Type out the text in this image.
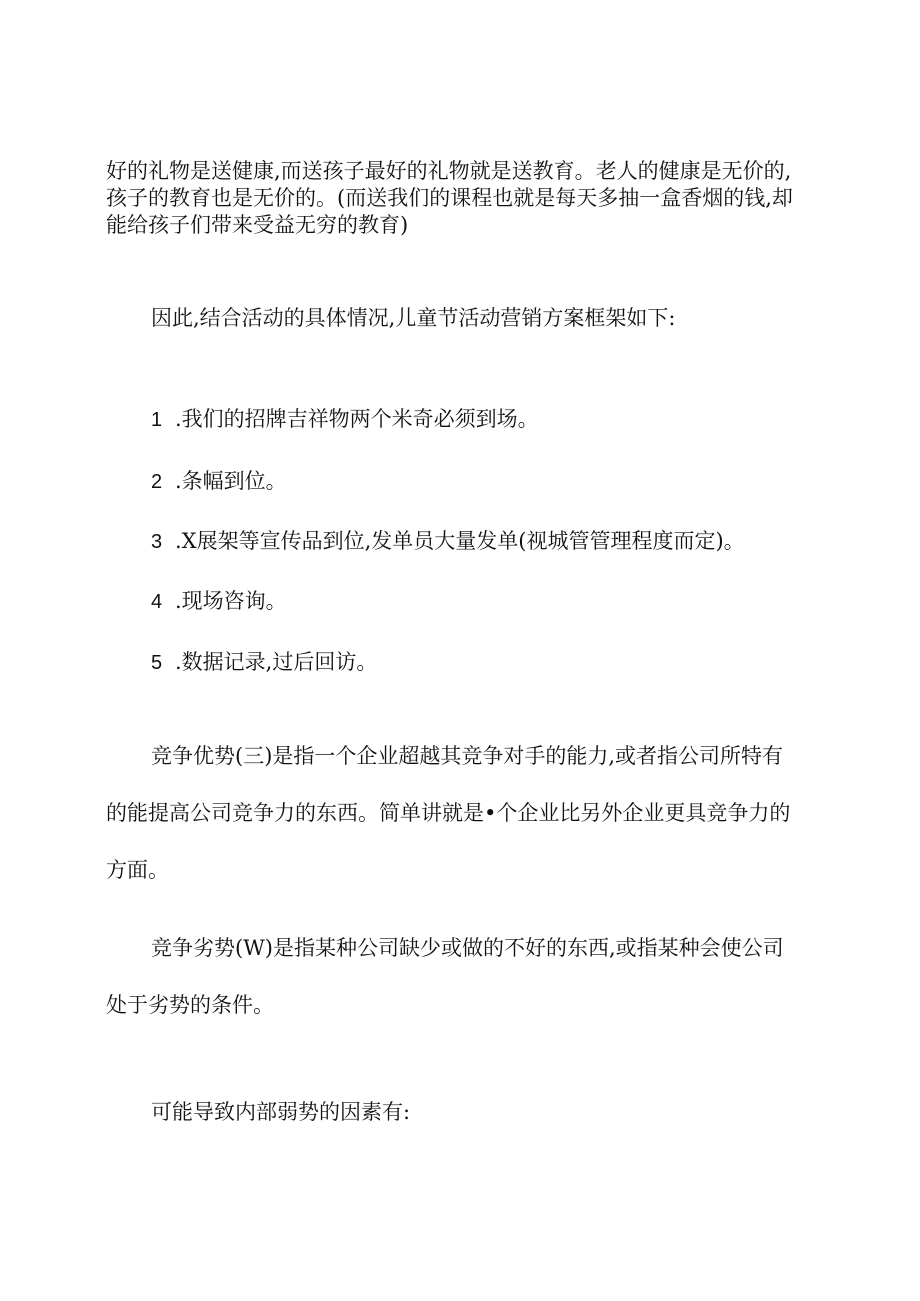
好的礼物是送健康,而送孩子最好的礼物就是送教育。老人的健康是无价的,
孩子的教育也是无价的。(而送我们的课程也就是每天多抽一盒香烟的钱,却
能给孩子们带来受益无穷的教育)
因此,结合活动的具体情况,儿童节活动营销方案框架如下:
1 .我们的招牌吉祥物两个米奇必须到场。
2 .条幅到位。
3 .X展架等宣传品到位,发单员大量发单(视城管管理程度而定)。
4 .现场咨询。
5 .数据记录,过后回访。
竞争优势(三)是指一个企业超越其竞争对手的能力,或者指公司所特有
的能提高公司竞争力的东西。简单讲就是•个企业比另外企业更具竞争力的
方面。
竞争劣势(W)是指某种公司缺少或做的不好的东西,或指某种会使公司
处于劣势的条件。
可能导致内部弱势的因素有:
